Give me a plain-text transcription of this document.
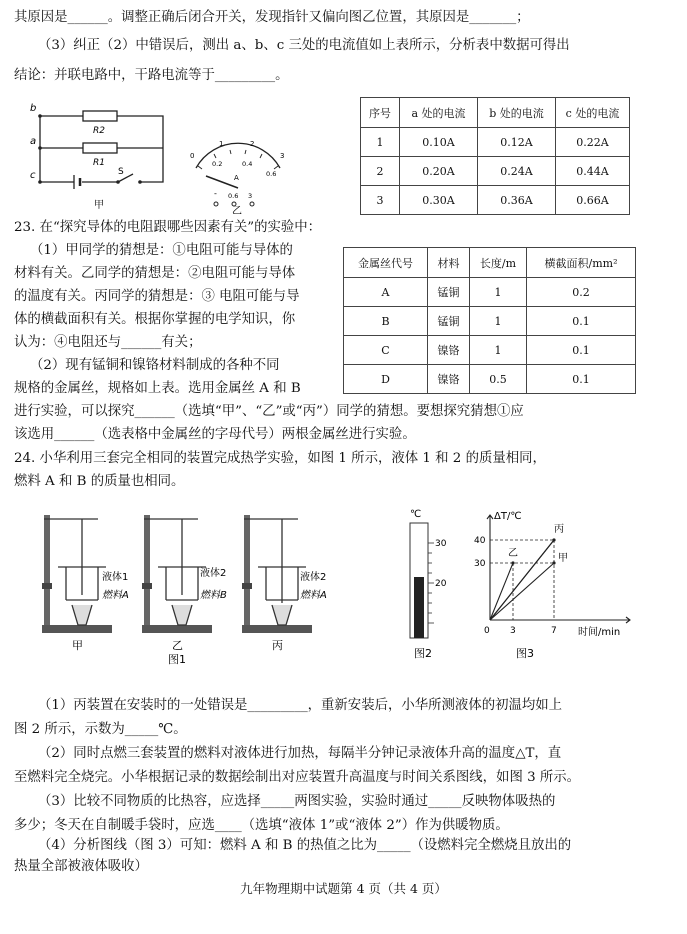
其原因是______。调整正确后闭合开关，发现指针又偏向图乙位置，其原因是_______；
（3）纠正（2）中错误后，测出 a、b、c 三处的电流值如上表所示，分析表中数据可得出
结论：并联电路中，干路电流等于_________。
b
a
c
R2
R1
S
甲
0
1	2
3
0.2	0.4
0.6
A
- 0.6 3
乙
序号	a 处的电流	b 处的电流	c 处的电流
1	0.10A	0.12A	0.22A
2	0.20A	0.24A	0.44A
3	0.30A	0.36A	0.66A
23. 在“探究导体的电阻跟哪些因素有关”的实验中：
（1）甲同学的猜想是：①电阻可能与导体的
材料有关。乙同学的猜想是：②电阻可能与导体
的温度有关。丙同学的猜想是：③ 电阻可能与导
体的横截面积有关。根据你掌握的电学知识，你
认为：④电阻还与______有关；
（2）现有锰铜和镍铬材料制成的各种不同
规格的金属丝，规格如上表。选用金属丝 A 和 B
进行实验，可以探究______（选填“甲”、“乙”或“丙”）同学的猜想。要想探究猜想①应
该选用______（选表格中金属丝的字母代号）两根金属丝进行实验。
金属丝代号	材料	长度/m	横截面积/mm²
A	锰铜	1	0.2
B	锰铜	1	0.1
C	镍铬	1	0.1
D	镍铬	0.5	0.1
24. 小华利用三套完全相同的装置完成热学实验，如图 1 所示，液体 1 和 2 的质量相同，
燃料 A 和 B 的质量也相同。
液体1
燃料A
液体2
燃料B
液体2
燃料A
甲	乙	丙
图1
℃
30
20
图2
ΔT/℃
时间/min
40
30
0 3	7
丙
乙	甲
图3
（1）丙装置在安装时的一处错误是_________，重新安装后，小华所测液体的初温均如上
图 2 所示，示数为_____℃。
（2）同时点燃三套装置的燃料对液体进行加热，每隔半分钟记录液体升高的温度△T，直
至燃料完全烧完。小华根据记录的数据绘制出对应装置升高温度与时间关系图线，如图 3 所示。
（3）比较不同物质的比热容，应选择_____两图实验，实验时通过_____反映物体吸热的
多少；冬天在自制暖手袋时，应选____（选填“液体 1”或“液体 2”）作为供暖物质。
（4）分析图线（图 3）可知：燃料 A 和 B 的热值之比为_____（设燃料完全燃烧且放出的
热量全部被液体吸收）
九年物理期中试题第 4 页（共 4 页）
